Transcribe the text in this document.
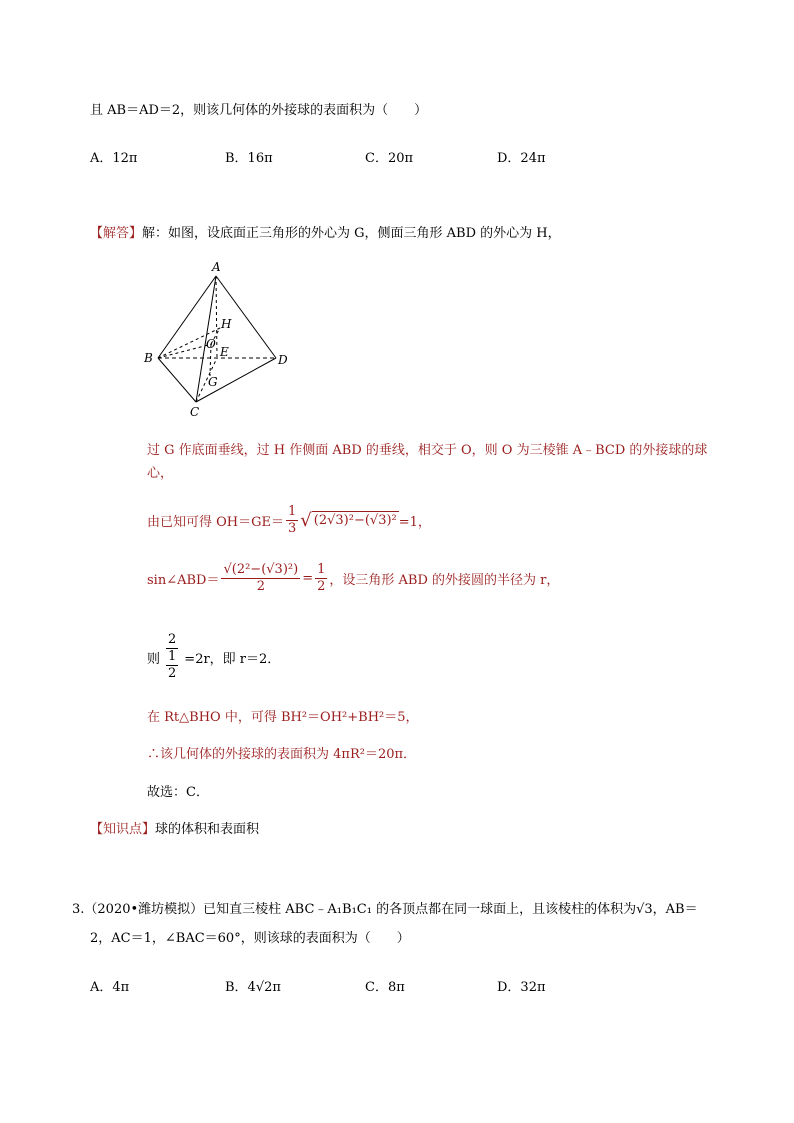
且 AB＝AD＝2，则该几何体的外接球的表面积为（　　）
A．12π	B．16π	C．20π	D．24π
【解答】解：如图，设底面正三角形的外心为 G，侧面三角形 ABD 的外心为 H，
A
H
O
E
B	D
G
C
过 G 作底面垂线，过 H 作侧面 ABD 的垂线，相交于 O，则 O 为三棱锥 A﹣BCD 的外接球的球
心，
由已知可得 $OH=GE= \frac{1}{3}$ √ (2√3)²−(√3)² =1，
sin∠ABD＝ $\frac{\text{√(2²−(√3)²)}}{2} = \frac{1}{2}$ ，设三角形 ABD 的外接圆的半径为 r，
则 $\frac{2}{\frac{1}{2}} =2r$，即 r＝2．
在 Rt△BHO 中，可得 BH²＝OH²+BH²＝5，
∴该几何体的外接球的表面积为 4πR²＝20π．
故选：C．
【知识点】球的体积和表面积
3.（2020•潍坊模拟）已知直三棱柱 ABC﹣A₁B₁C₁ 的各顶点都在同一球面上，且该棱柱的体积为√3，AB＝
2，AC＝1，∠BAC＝60°，则该球的表面积为（　　）
A．4π	B．4√2π	C．8π	D．32π
